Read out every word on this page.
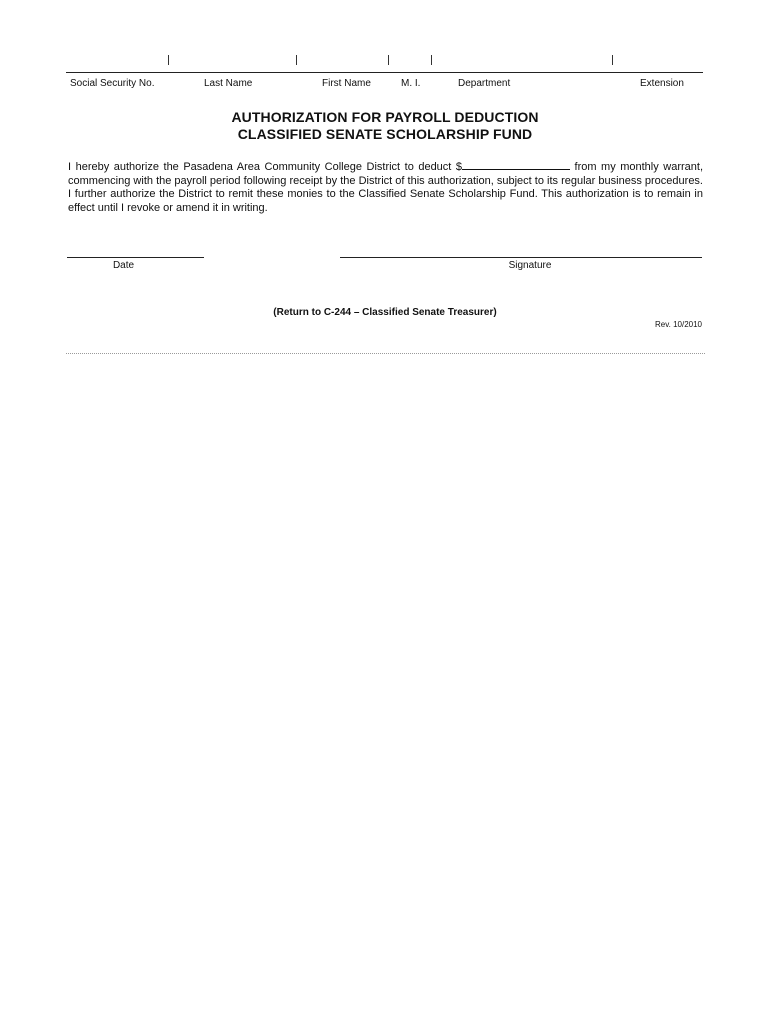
Social Security No.	Last Name	First Name	M. I.	Department	Extension
AUTHORIZATION FOR PAYROLL DEDUCTION
CLASSIFIED SENATE SCHOLARSHIP FUND
I hereby authorize the Pasadena Area Community College District to deduct $	from my monthly warrant, commencing with the payroll period following receipt by the District of this authorization, subject to its regular business procedures. I further authorize the District to remit these monies to the Classified Senate Scholarship Fund. This authorization is to remain in effect until I revoke or amend it in writing.
Date	Signature
(Return to C-244 – Classified Senate Treasurer)
Rev. 10/2010
